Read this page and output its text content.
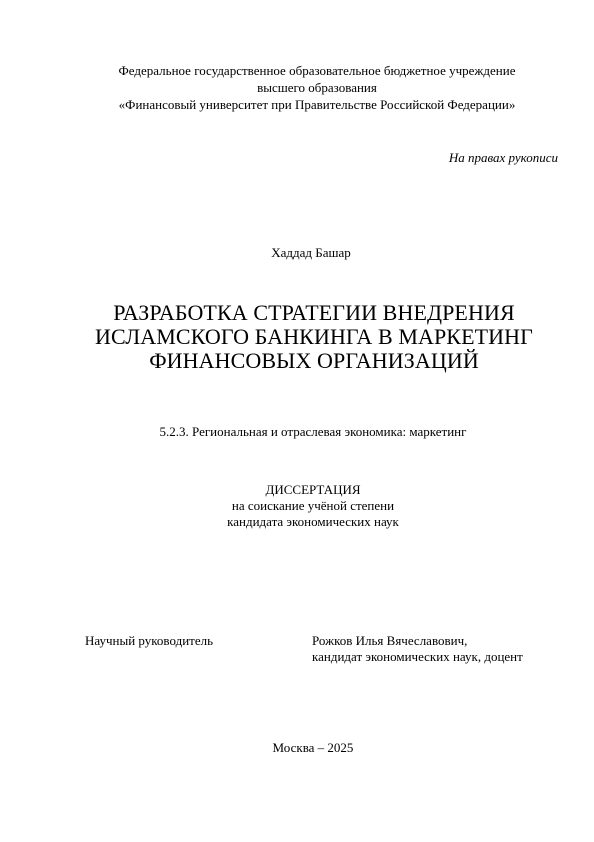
Федеральное государственное образовательное бюджетное учреждение
высшего образования
«Финансовый университет при Правительстве Российской Федерации»
На правах рукописи
Хаддад Башар
РАЗРАБОТКА СТРАТЕГИИ ВНЕДРЕНИЯ
ИСЛАМСКОГО БАНКИНГА В МАРКЕТИНГ
ФИНАНСОВЫХ ОРГАНИЗАЦИЙ
5.2.3. Региональная и отраслевая экономика: маркетинг
ДИССЕРТАЦИЯ
на соискание учёной степени
кандидата экономических наук
Научный руководитель	Рожков Илья Вячеславович,
кандидат экономических наук, доцент
Москва – 2025
